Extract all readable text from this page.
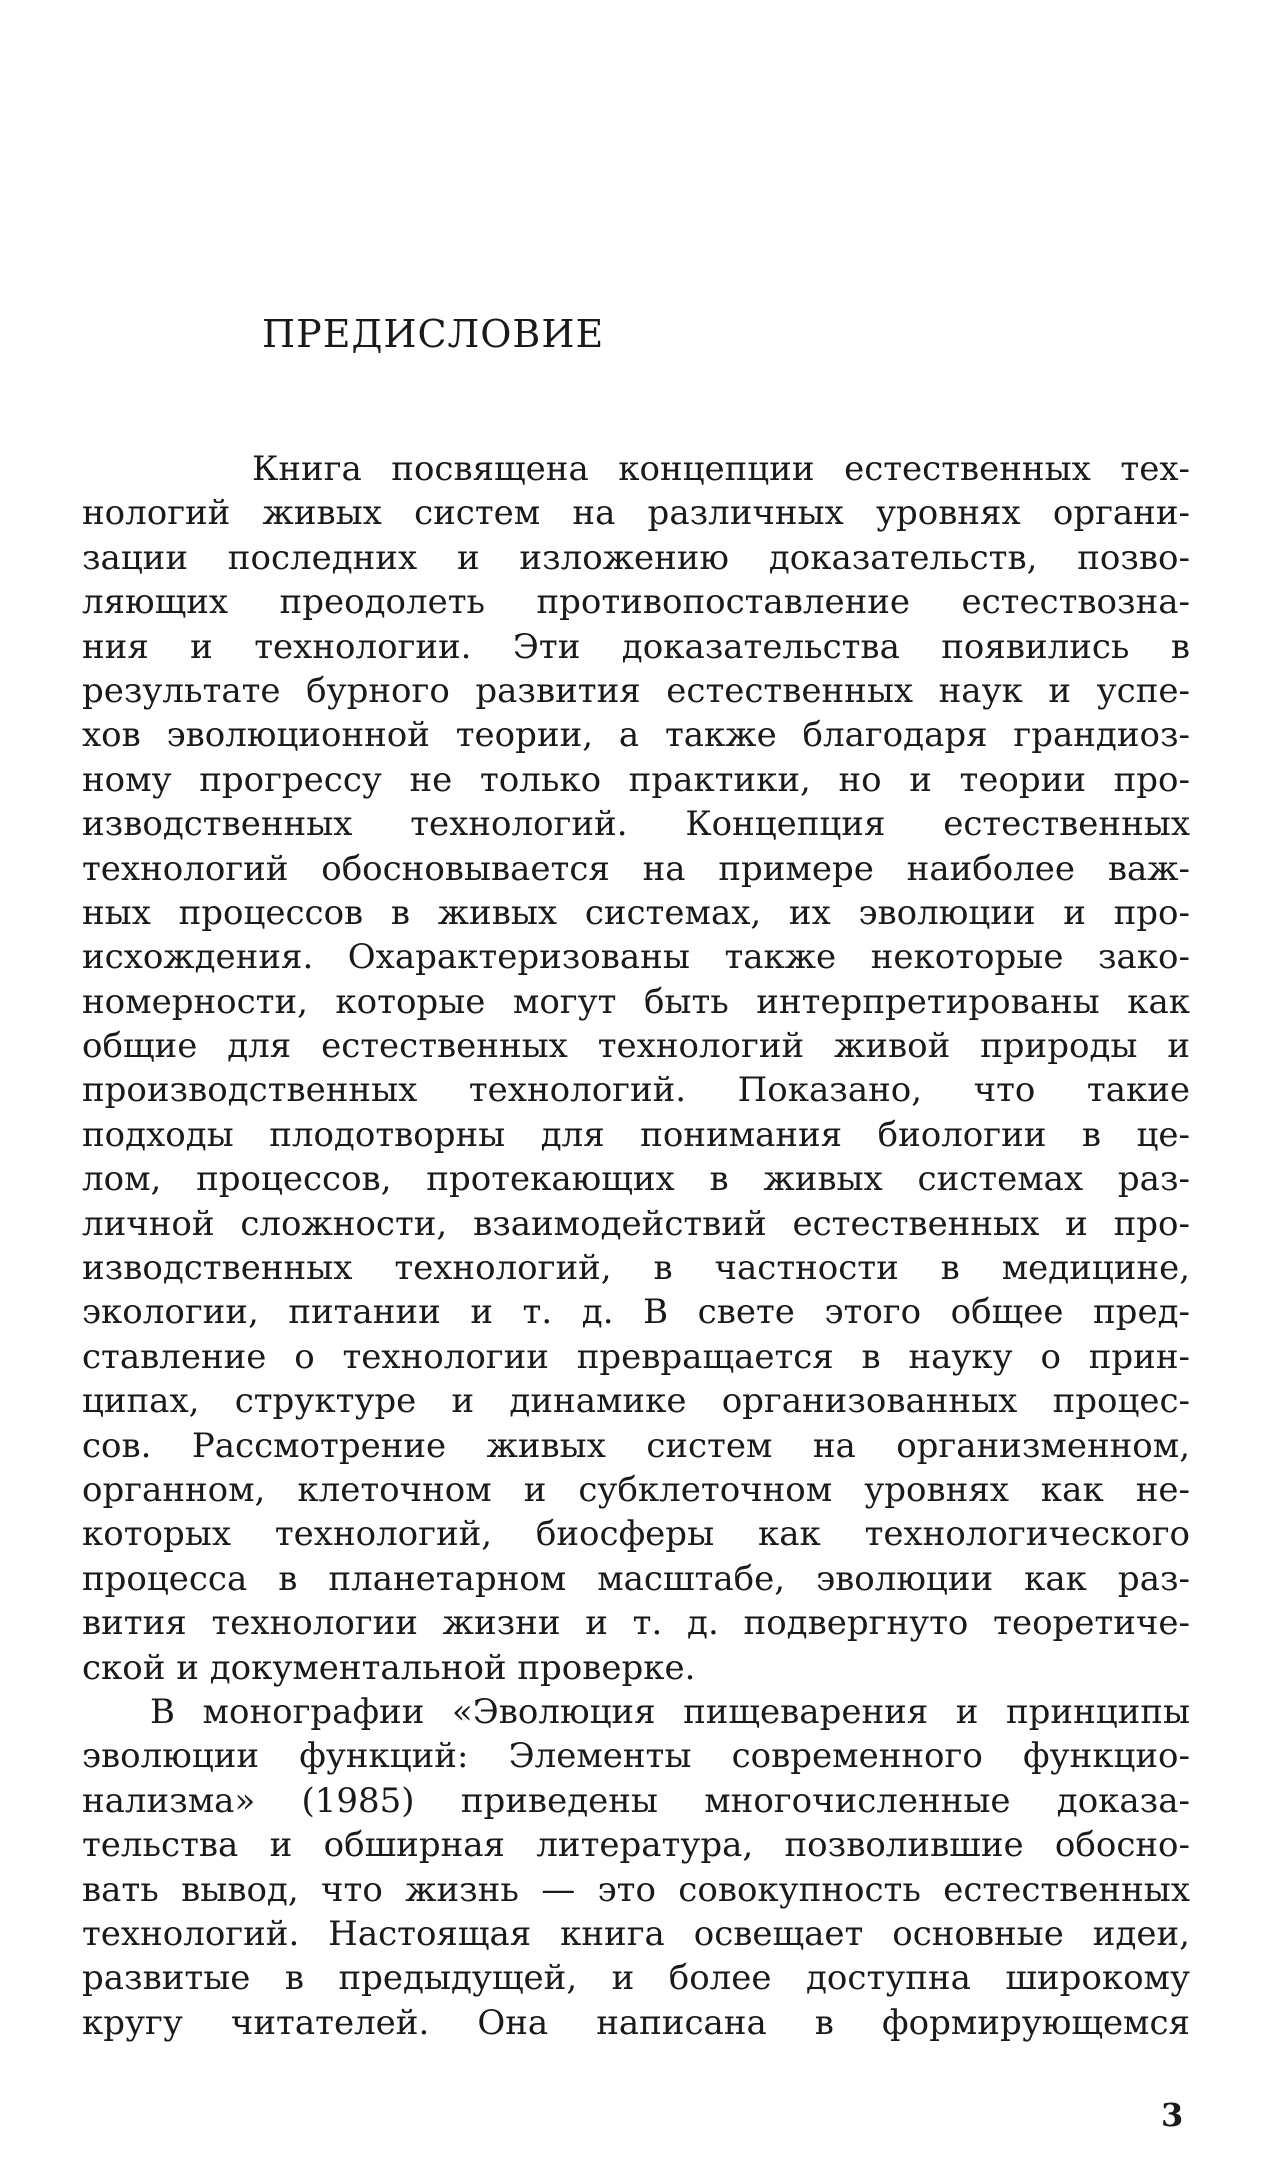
ПРЕДИСЛОВИЕ
Книга посвящена концепции естественных тех-
нологий живых систем на различных уровнях органи-
зации последних и изложению доказательств, позво-
ляющих преодолеть противопоставление естествозна-
ния и технологии. Эти доказательства появились в
результате бурного развития естественных наук и успе-
хов эволюционной теории, а также благодаря грандиоз-
ному прогрессу не только практики, но и теории про-
изводственных технологий. Концепция естественных
технологий обосновывается на примере наиболее важ-
ных процессов в живых системах, их эволюции и про-
исхождения. Охарактеризованы также некоторые зако-
номерности, которые могут быть интерпретированы как
общие для естественных технологий живой природы и
производственных технологий. Показано, что такие
подходы плодотворны для понимания биологии в це-
лом, процессов, протекающих в живых системах раз-
личной сложности, взаимодействий естественных и про-
изводственных технологий, в частности в медицине,
экологии, питании и т. д. В свете этого общее пред-
ставление о технологии превращается в науку о прин-
ципах, структуре и динамике организованных процес-
сов. Рассмотрение живых систем на организменном,
органном, клеточном и субклеточном уровнях как не-
которых технологий, биосферы как технологического
процесса в планетарном масштабе, эволюции как раз-
вития технологии жизни и т. д. подвергнуто теоретиче-
ской и документальной проверке.
В монографии «Эволюция пищеварения и принципы
эволюции функций: Элементы современного функцио-
нализма» (1985) приведены многочисленные доказа-
тельства и обширная литература, позволившие обосно-
вать вывод, что жизнь — это совокупность естественных
технологий. Настоящая книга освещает основные идеи,
развитые в предыдущей, и более доступна широкому
кругу читателей. Она написана в формирующемся
3
